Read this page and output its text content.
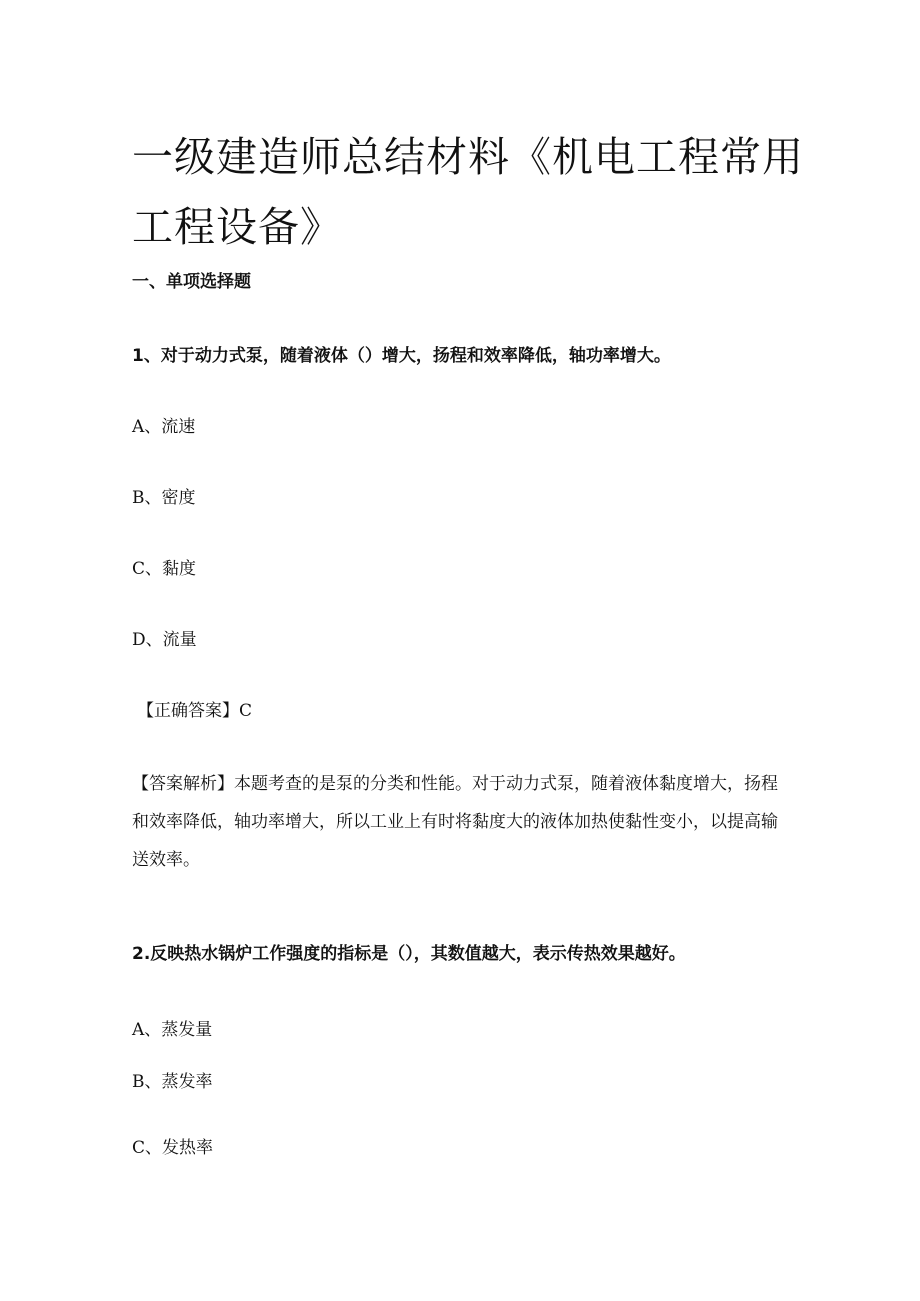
一级建造师总结材料《机电工程常用工程设备》

一、单项选择题

1、对于动力式泵，随着液体（）增大，扬程和效率降低，轴功率增大。

A、流速

B、密度

C、黏度

D、流量

【正确答案】C

【答案解析】本题考查的是泵的分类和性能。对于动力式泵，随着液体黏度增大，扬程和效率降低，轴功率增大，所以工业上有时将黏度大的液体加热使黏性变小，以提高输送效率。

2.反映热水锅炉工作强度的指标是（），其数值越大，表示传热效果越好。

A、蒸发量

B、蒸发率

C、发热率
